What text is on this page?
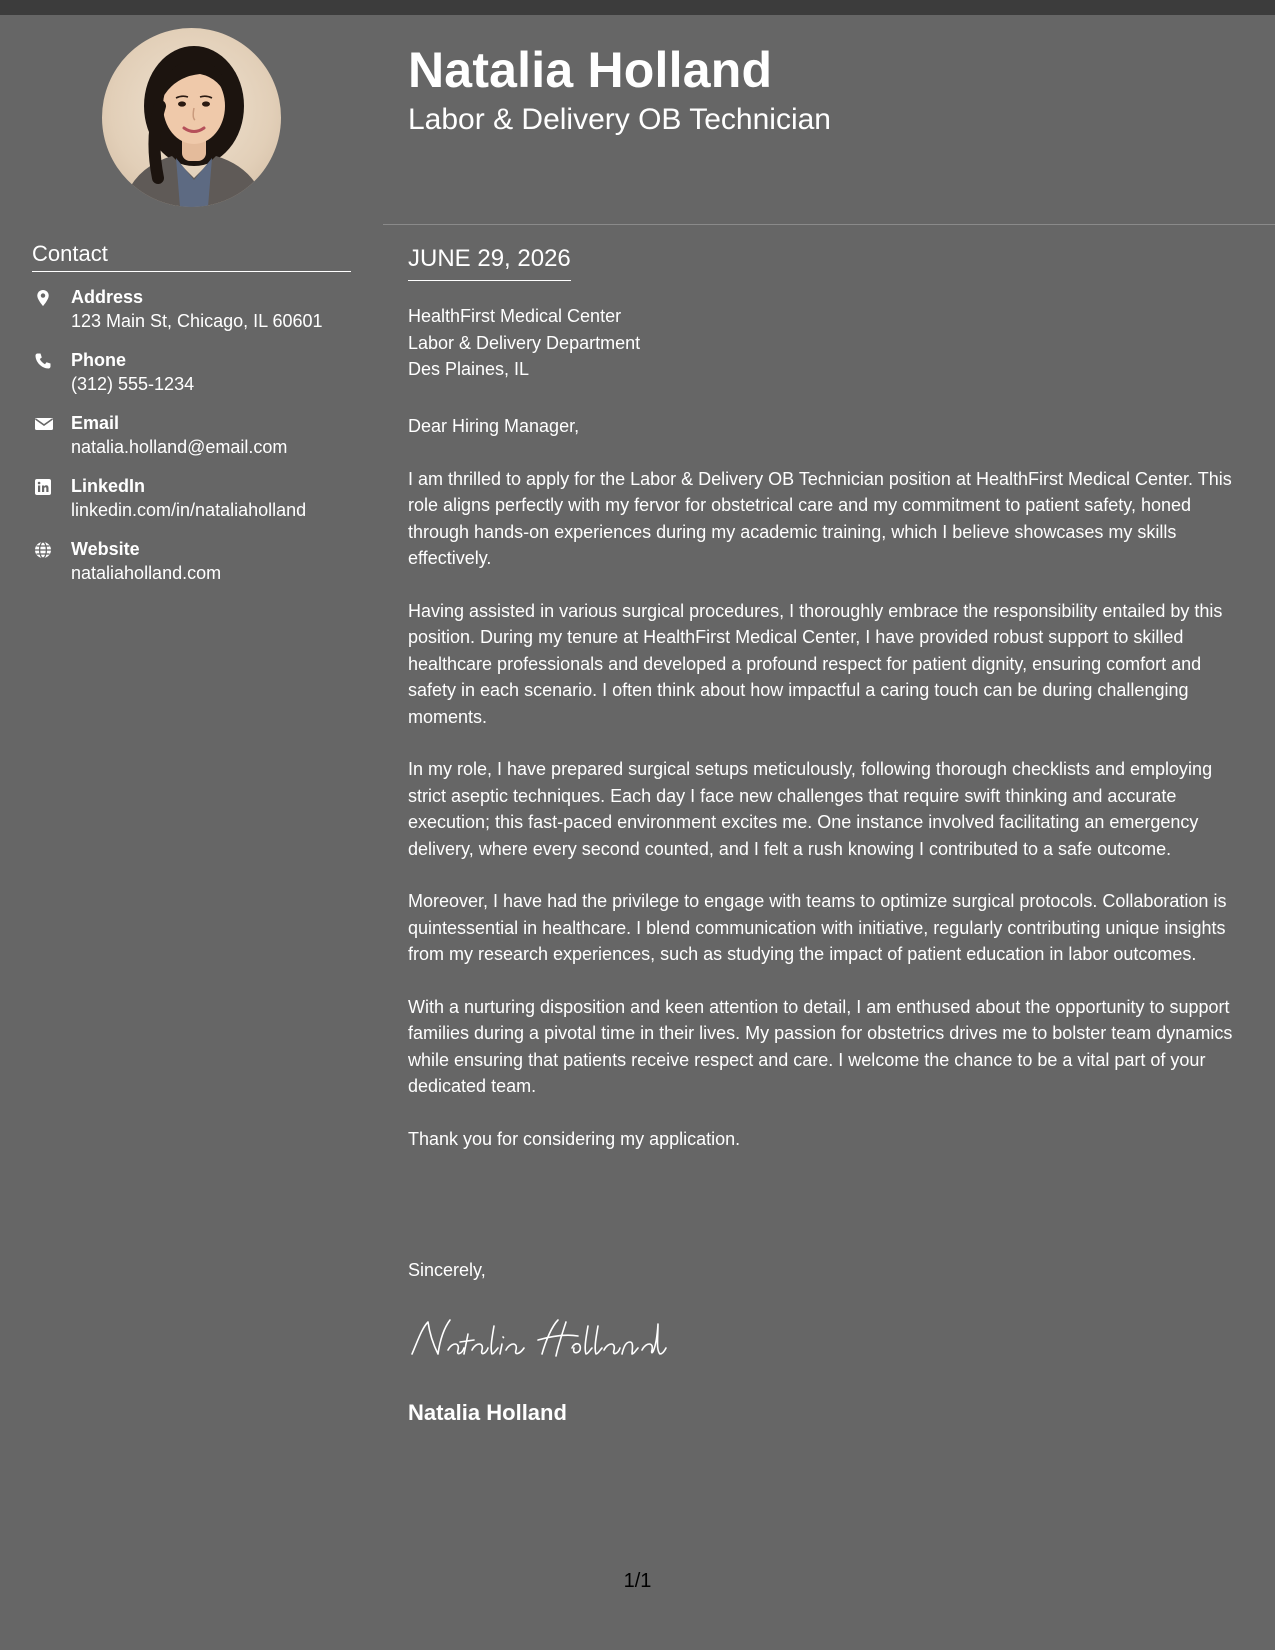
Contact
Address
123 Main St, Chicago, IL 60601
Phone
(312) 555-1234
Email
natalia.holland@email.com
LinkedIn
linkedin.com/in/nataliaholland
Website
nataliaholland.com
Natalia Holland
Labor & Delivery OB Technician
JUNE 29, 2026
HealthFirst Medical Center
Labor & Delivery Department
Des Plaines, IL

Dear Hiring Manager,

I am thrilled to apply for the Labor & Delivery OB Technician position at HealthFirst Medical Center. This role aligns perfectly with my fervor for obstetrical care and my commitment to patient safety, honed through hands-on experiences during my academic training, which I believe showcases my skills effectively.

Having assisted in various surgical procedures, I thoroughly embrace the responsibility entailed by this position. During my tenure at HealthFirst Medical Center, I have provided robust support to skilled healthcare professionals and developed a profound respect for patient dignity, ensuring comfort and safety in each scenario. I often think about how impactful a caring touch can be during challenging moments.

In my role, I have prepared surgical setups meticulously, following thorough checklists and employing strict aseptic techniques. Each day I face new challenges that require swift thinking and accurate execution; this fast-paced environment excites me. One instance involved facilitating an emergency delivery, where every second counted, and I felt a rush knowing I contributed to a safe outcome.

Moreover, I have had the privilege to engage with teams to optimize surgical protocols. Collaboration is quintessential in healthcare. I blend communication with initiative, regularly contributing unique insights from my research experiences, such as studying the impact of patient education in labor outcomes.

With a nurturing disposition and keen attention to detail, I am enthused about the opportunity to support families during a pivotal time in their lives. My passion for obstetrics drives me to bolster team dynamics while ensuring that patients receive respect and care. I welcome the chance to be a vital part of your dedicated team.

Thank you for considering my application.

Sincerely,
Natalia Holland
1/1
